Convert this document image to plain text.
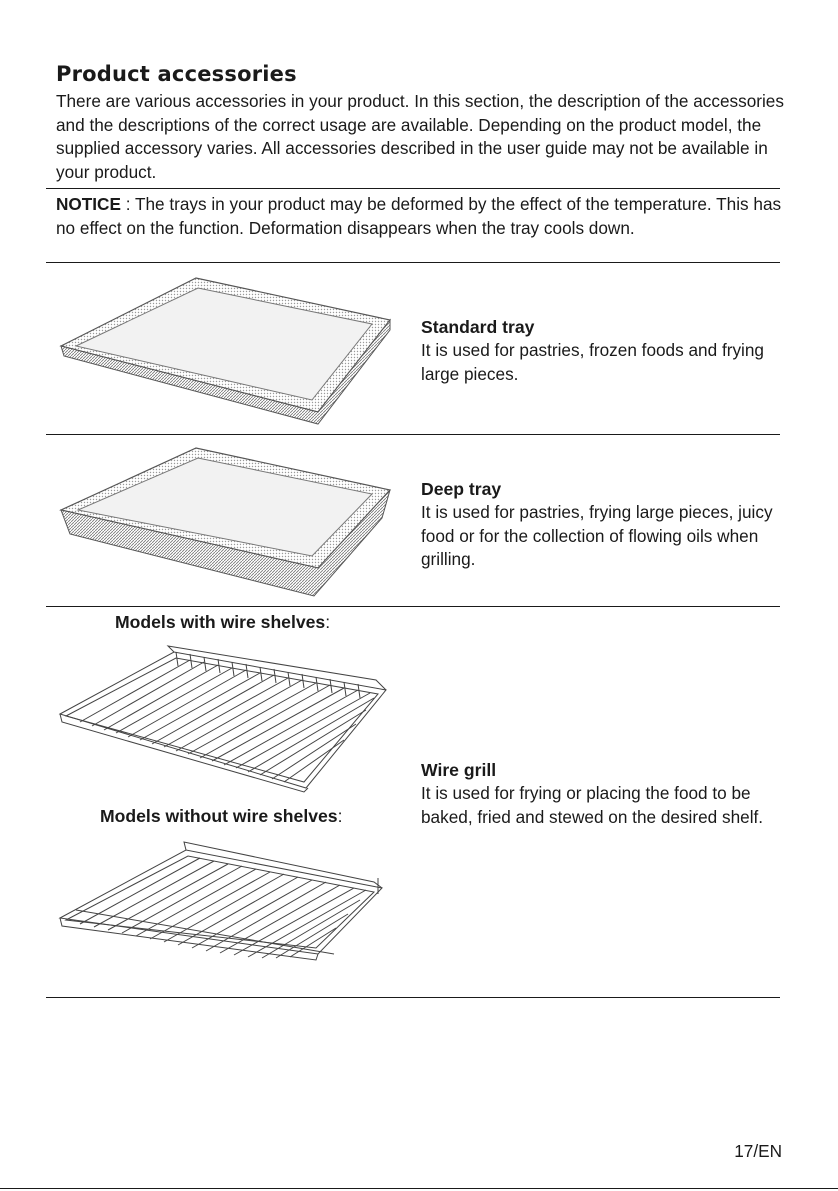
Product accessories
There are various accessories in your product. In this section, the description of the accessories and the descriptions of the correct usage are available. Depending on the product model, the supplied accessory varies. All accessories described in the user guide may not be available in your product.
NOTICE : The trays in your product may be deformed by the effect of the temperature. This has no effect on the function. Deformation disappears when the tray cools down.
Standard tray
It is used for pastries, frozen foods and frying large pieces.
Deep tray
It is used for pastries, frying large pieces, juicy food or for the collection of flowing oils when grilling.
Models with wire shelves:
Models without wire shelves:
Wire grill
It is used for frying or placing the food to be baked, fried and stewed on the desired shelf.
17/EN
